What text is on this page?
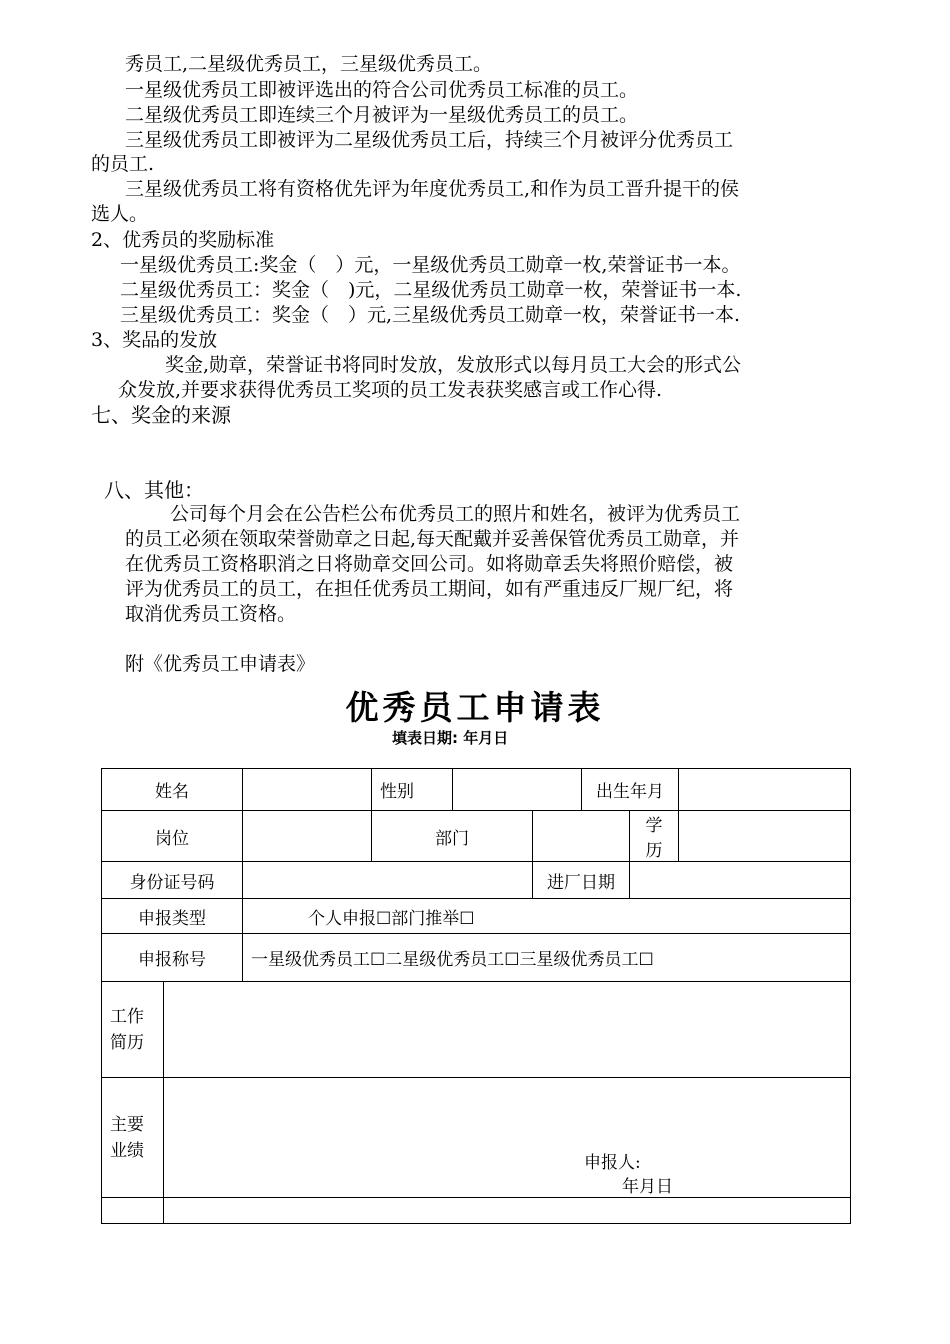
秀员工,二星级优秀员工，三星级优秀员工。
一星级优秀员工即被评选出的符合公司优秀员工标准的员工。
二星级优秀员工即连续三个月被评为一星级优秀员工的员工。
三星级优秀员工即被评为二星级优秀员工后，持续三个月被评分优秀员工
的员工.
三星级优秀员工将有资格优先评为年度优秀员工,和作为员工晋升提干的侯
选人。
2、优秀员的奖励标准
一星级优秀员工:奖金（　）元，一星级优秀员工勋章一枚,荣誉证书一本。
二星级优秀员工：奖金（　)元，二星级优秀员工勋章一枚，荣誉证书一本.
三星级优秀员工：奖金（　）元,三星级优秀员工勋章一枚，荣誉证书一本.
3、奖品的发放
奖金,勋章，荣誉证书将同时发放，发放形式以每月员工大会的形式公
众发放,并要求获得优秀员工奖项的员工发表获奖感言或工作心得.
七、奖金的来源
八、其他：
公司每个月会在公告栏公布优秀员工的照片和姓名，被评为优秀员工
的员工必须在领取荣誉勋章之日起,每天配戴并妥善保管优秀员工勋章，并
在优秀员工资格职消之日将勋章交回公司。如将勋章丢失将照价赔偿，被
评为优秀员工的员工，在担任优秀员工期间，如有严重违反厂规厂纪，将
取消优秀员工资格。
附《优秀员工申请表》
优秀员工申请表
填表日期: 年月日
姓名			性别			出生年月		
岗位			部门				学历	
身份证号码					进厂日期			
申报类型		个人申报☐部门推举☐						
申报称号		一星级优秀员工☐二星级优秀员工☐三星级优秀员工☐						

工作简历								

主要业绩	申报人:
年月日							
